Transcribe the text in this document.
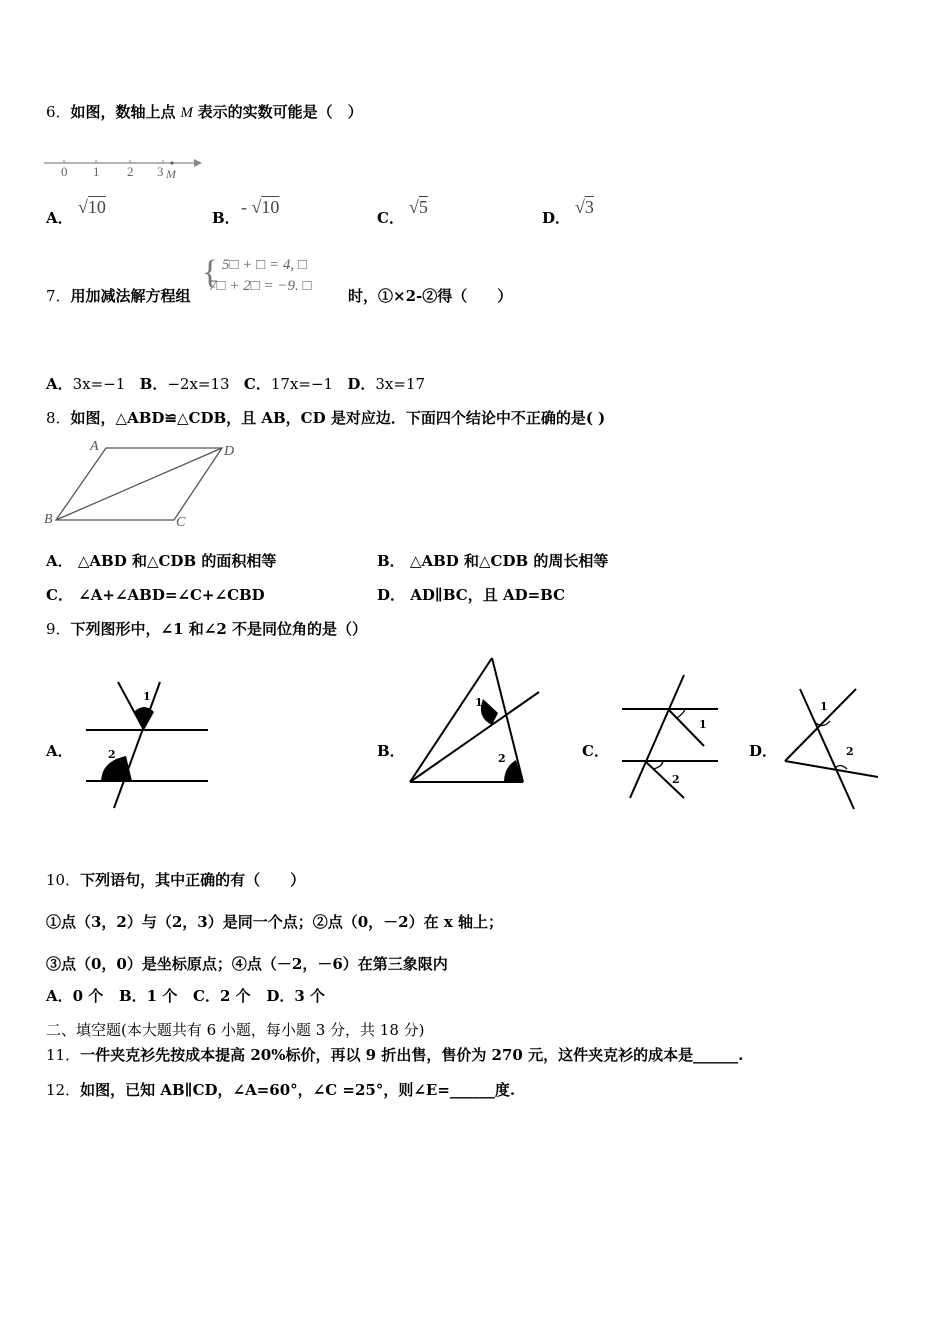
6．如图，数轴上点 M 表示的实数可能是（　）
0 1 2 3 M
A．
√10
B．
- √10
C．
√5
D．
√3
7．用加减法解方程组
{ 5□ + □ = 4, □
7□ + 2□ = −9. □
时，①×2-②得（　　）
A．3x=−1 B．−2x=13 C．17x=−1 D．3x=17
8．如图，△ABD≌△CDB，且 AB，CD 是对应边．下面四个结论中不正确的是( )
A	D
B	C
A． △ABD 和△CDB 的面积相等	B． △ABD 和△CDB 的周长相等
C． ∠A+∠ABD=∠C+∠CBD	D． AD∥BC，且 AD=BC
9．下列图形中，∠1 和∠2 不是同位角的是（）
A．
1
2	B．
1
2	C．
1
2
D．
1
2
10．下列语句，其中正确的有（　　）
①点（3，2）与（2，3）是同一个点；②点（0，－2）在 x 轴上；
③点（0，0）是坐标原点；④点（－2，－6）在第三象限内
A．0 个 B．1 个 C．2 个 D．3 个
二、填空题(本大题共有 6 小题，每小题 3 分，共 18 分)
11．一件夹克衫先按成本提高 20%标价，再以 9 折出售，售价为 270 元，这件夹克衫的成本是______.
12．如图，已知 AB∥CD，∠A=60°，∠C =25°，则∠E=______度.
